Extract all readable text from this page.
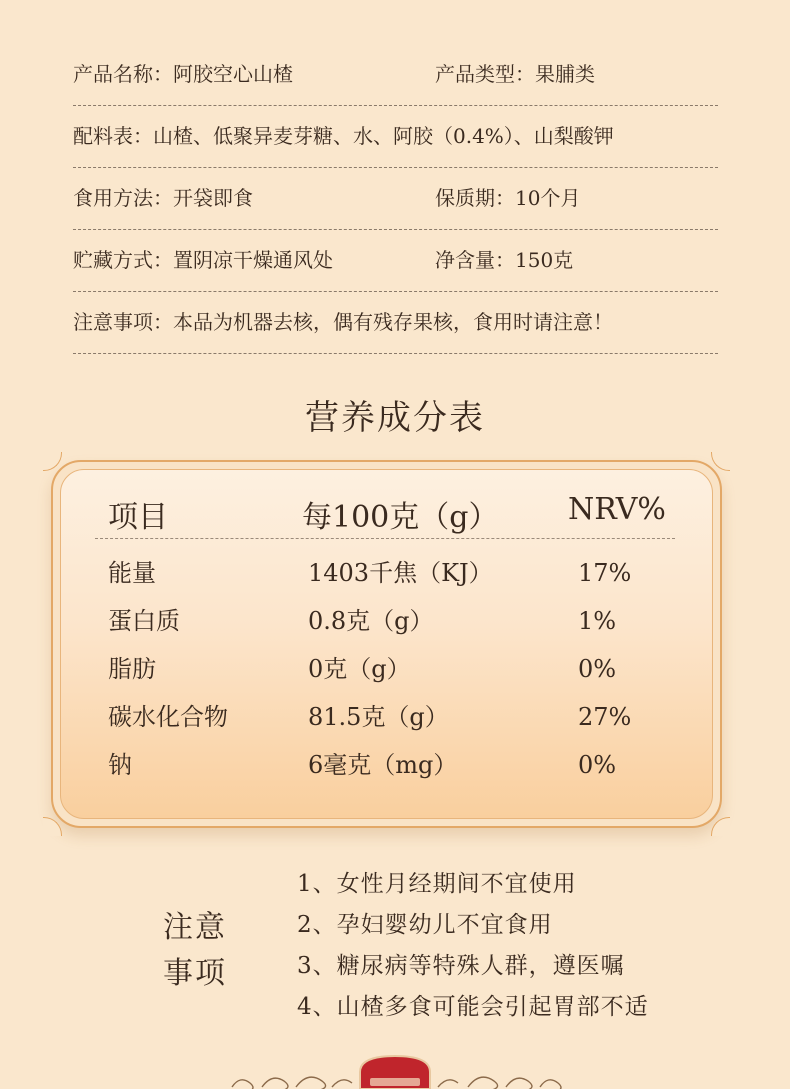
产品名称：阿胶空心山楂	产品类型：果脯类
配料表：山楂、低聚异麦芽糖、水、阿胶（0.4%）、山梨酸钾
食用方法：开袋即食	保质期：10个月
贮藏方式：置阴凉干燥通风处	净含量：150克
注意事项：本品为机器去核，偶有残存果核，食用时请注意！
营养成分表
项目	每100克（g） NRV%
能量	1403千焦（KJ）	17%
蛋白质	0.8克（g）	1%
脂肪	0克（g）	0%
碳水化合物	81.5克（g）	27%
钠	6毫克（mg）	0%
注意
事项
1、女性月经期间不宜使用
2、孕妇婴幼儿不宜食用
3、糖尿病等特殊人群，遵医嘱
4、山楂多食可能会引起胃部不适
